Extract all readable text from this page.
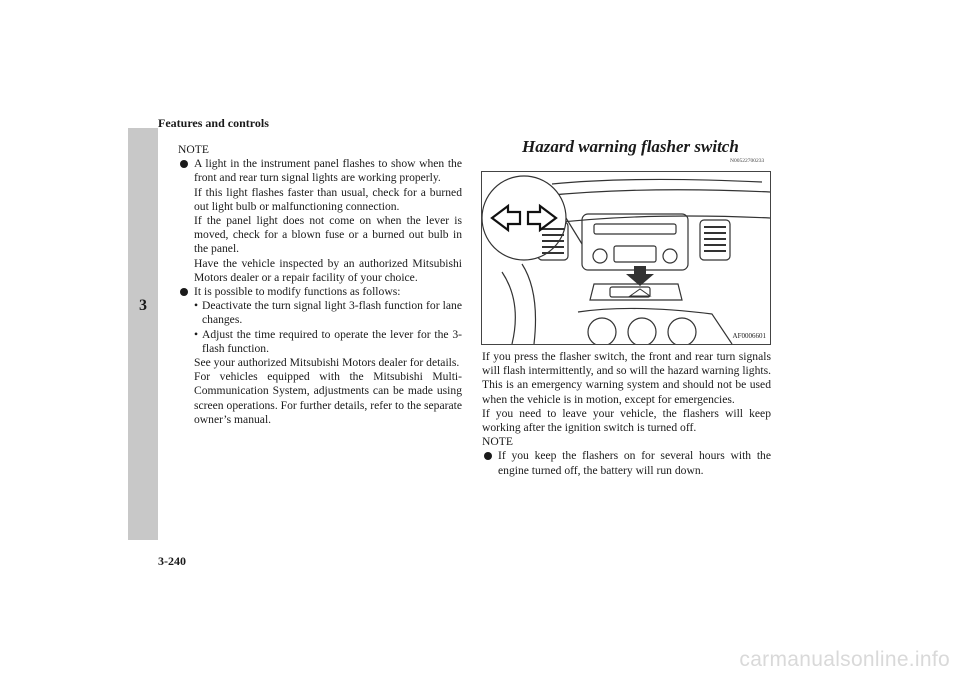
Features and controls
3
NOTE
A light in the instrument panel flashes to show when the front and rear turn signal lights are working properly.
If this light flashes faster than usual, check for a burned out light bulb or malfunctioning connection.
If the panel light does not come on when the lever is moved, check for a blown fuse or a burned out bulb in the panel.
Have the vehicle inspected by an authorized Mitsubishi Motors dealer or a repair facility of your choice.
It is possible to modify functions as follows:
• Deactivate the turn signal light 3-flash function for lane changes.
• Adjust the time required to operate the lever for the 3-flash function.
See your authorized Mitsubishi Motors dealer for details.
For vehicles equipped with the Mitsubishi Multi-Communication System, adjustments can be made using screen operations. For further details, refer to the separate owner’s manual.
Hazard warning flasher switch
N00522700233
AF0006601
If you press the flasher switch, the front and rear turn signals will flash intermittently, and so will the hazard warning lights. This is an emergency warning system and should not be used when the vehicle is in motion, except for emergencies.
If you need to leave your vehicle, the flashers will keep working after the ignition switch is turned off.
NOTE
If you keep the flashers on for several hours with the engine turned off, the battery will run down.
3-240
carmanualsonline.info
